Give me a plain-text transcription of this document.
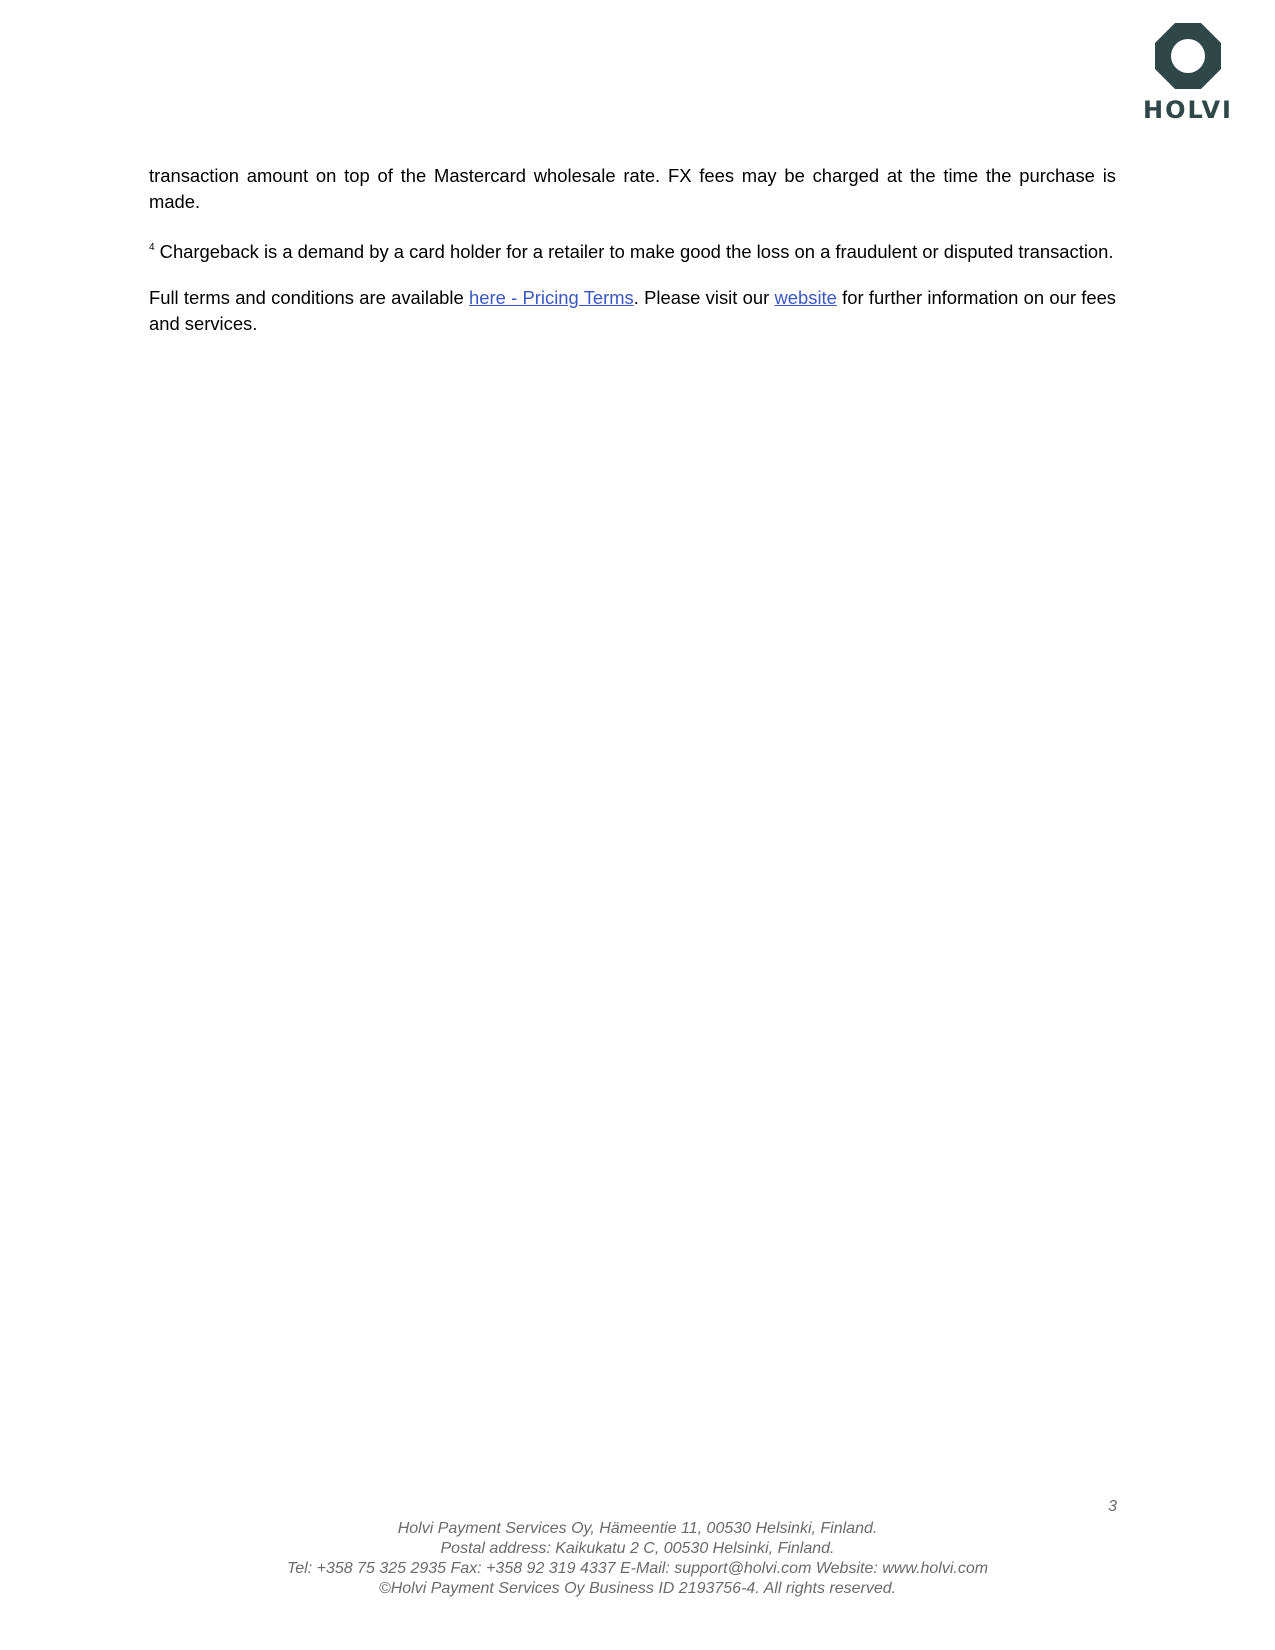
HOLVI

transaction amount on top of the Mastercard wholesale rate. FX fees may be charged at the time the purchase is made.

$^4$ Chargeback is a demand by a card holder for a retailer to make good the loss on a fraudulent or disputed transaction.

Full terms and conditions are available here - Pricing Terms. Please visit our website for further information on our fees and services.

3
Holvi Payment Services Oy, Hämeentie 11, 00530 Helsinki, Finland.
Postal address: Kaikukatu 2 C, 00530 Helsinki, Finland.
Tel: +358 75 325 2935 Fax: +358 92 319 4337 E-Mail: support@holvi.com Website: www.holvi.com
©Holvi Payment Services Oy Business ID 2193756-4. All rights reserved.
